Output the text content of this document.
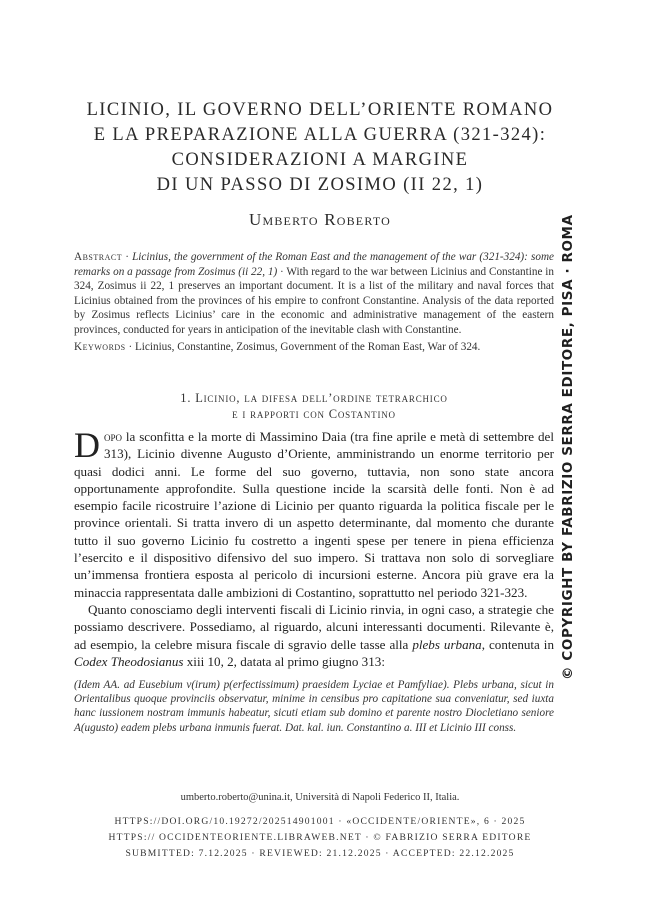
LICINIO, IL GOVERNO DELL’ORIENTE ROMANO
E LA PREPARAZIONE ALLA GUERRA (321-324):
CONSIDERAZIONI A MARGINE
DI UN PASSO DI ZOSIMO (II 22, 1)
Umberto Roberto
Abstract · Licinius, the government of the Roman East and the management of the war (321-324): some remarks on a passage from Zosimus (ii 22, 1) · With regard to the war between Licinius and Constantine in 324, Zosimus ii 22, 1 preserves an important document. It is a list of the military and naval forces that Licinius obtained from the provinces of his empire to confront Constantine. Analysis of the data reported by Zosimus reflects Licinius’ care in the economic and administrative management of the eastern provinces, conducted for years in anticipation of the inevitable clash with Constantine.
Keywords · Licinius, Constantine, Zosimus, Government of the Roman East, War of 324.
1. Licinio, la difesa dell’ordine tetrarchico
e i rapporti con Costantino

Dopo la sconfitta e la morte di Massimino Daia (tra fine aprile e metà di settembre del 313), Licinio divenne Augusto d’Oriente, amministrando un enorme territorio per quasi dodici anni. Le forme del suo governo, tuttavia, non sono state ancora opportunamente approfondite. Sulla questione incide la scarsità delle fonti. Non è ad esempio facile ricostruire l’azione di Licinio per quanto riguarda la politica fiscale per le province orientali. Si tratta invero di un aspetto determinante, dal momento che durante tutto il suo governo Licinio fu costretto a ingenti spese per tenere in piena efficienza l’esercito e il dispositivo difensivo del suo impero. Si trattava non solo di sorvegliare un’immensa frontiera esposta al pericolo di incursioni esterne. Ancora più grave era la minaccia rappresentata dalle ambizioni di Costantino, soprattutto nel periodo 321-323.

Quanto conosciamo degli interventi fiscali di Licinio rinvia, in ogni caso, a strategie che possiamo descrivere. Possediamo, al riguardo, alcuni interessanti documenti. Rilevante è, ad esempio, la celebre misura fiscale di sgravio delle tasse alla plebs urbana, contenuta in Codex Theodosianus xiii 10, 2, datata al primo giugno 313:

(Idem AA. ad Eusebium v(irum) p(erfectissimum) praesidem Lyciae et Pamfyliae). Plebs urbana, sicut in Orientalibus quoque provinciis observatur, minime in censibus pro capitatione sua conveniatur, sed iuxta hanc iussionem nostram immunis habeatur, sicuti etiam sub domino et parente nostro Diocletiano seniore A(ugusto) eadem plebs urbana inmunis fuerat. Dat. kal. iun. Constantino a. III et Licinio III conss.
umberto.roberto@unina.it, Università di Napoli Federico II, Italia.
HTTPS://DOI.ORG/10.19272/202514901001 · «OCCIDENTE/ORIENTE», 6 · 2025
HTTPS:// OCCIDENTEORIENTE.LIBRAWEB.NET · © FABRIZIO SERRA EDITORE
SUBMITTED: 7.12.2025 · REVIEWED: 21.12.2025 · ACCEPTED: 22.12.2025
© COPYRIGHT BY FABRIZIO SERRA EDITORE, PISA · ROMA
